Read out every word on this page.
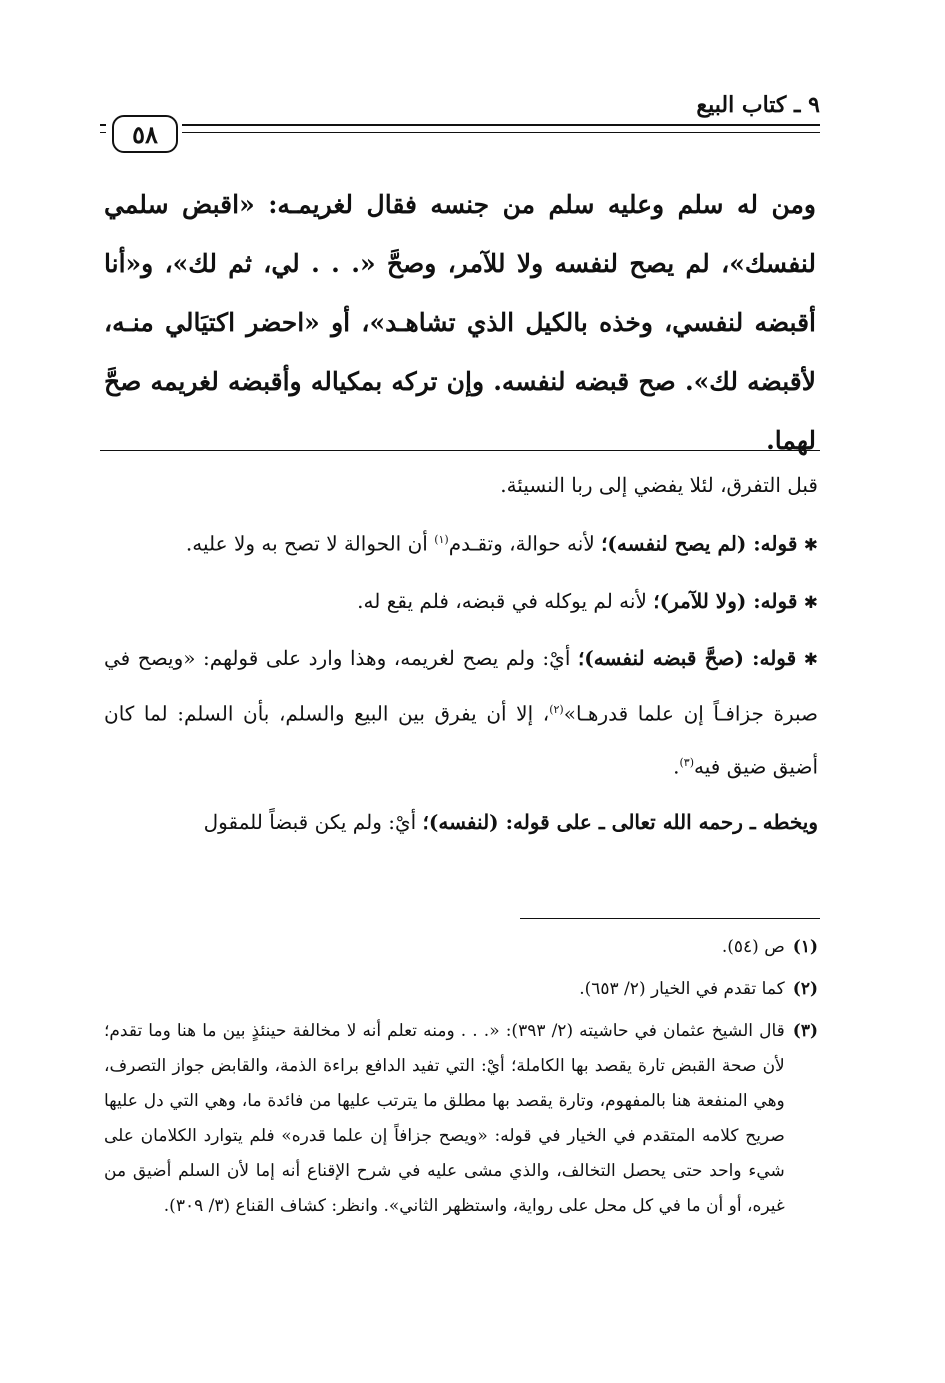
٥٨
٩ ـ كتاب البيع

ومن له سلم وعليه سلم من جنسه فقال لغريمـه: «اقبض سلمي لنفسك»، لم يصح لنفسه ولا للآمر، وصحَّ «. . . لي، ثم لك»، و«أنا أقبضه لنفسي، وخذه بالكيل الذي تشاهـد»، أو «احضر اكتيَالي منـه، لأقبضه لك». صح قبضه لنفسه. وإن تركه بمكياله وأقبضه لغريمه صحَّ لهما.

قبل التفرق، لئلا يفضي إلى ربا النسيئة.

✱ قوله: (لم يصح لنفسه)؛ لأنه حوالة، وتقـدم$^{(١)}$ أن الحوالة لا تصح به ولا عليه.

✱ قوله: (ولا للآمر)؛ لأنه لم يوكله في قبضه، فلم يقع له.

✱ قوله: (صحَّ قبضه لنفسه)؛ أيْ: ولم يصح لغريمه، وهذا وارد على قولهم: «ويصح في صبرة جزافـاً إن علما قدرهـا»$^{(٢)}$، إلا أن يفرق بين البيع والسلم، بأن السلم: لما كان أضيق ضيق فيه$^{(٣)}$.

ويخطه ـ رحمه الله تعالى ـ على قوله: (لنفسه)؛ أيْ: ولم يكن قبضاً للمقول

(١)
ص (٥٤).
(٢)
كما تقدم في الخيار (٢/ ٦٥٣).
(٣)
قال الشيخ عثمان في حاشيته (٢/ ٣٩٣): «. . . ومنه تعلم أنه لا مخالفة حينئذٍ بين ما هنا وما تقدم؛ لأن صحة القبض تارة يقصد بها الكاملة؛ أيْ: التي تفيد الدافع براءة الذمة، والقابض جواز التصرف، وهي المنفعة هنا بالمفهوم، وتارة يقصد بها مطلق ما يترتب عليها من فائدة ما، وهي التي دل عليها صريح كلامه المتقدم في الخيار في قوله: «ويصح جزافاً إن علما قدره» فلم يتوارد الكلامان على شيء واحد حتى يحصل التخالف، والذي مشى عليه في شرح الإقناع أنه إما لأن السلم أضيق من غيره، أو أن ما في كل محل على رواية، واستظهر الثاني». وانظر: كشاف القناع (٣/ ٣٠٩).
